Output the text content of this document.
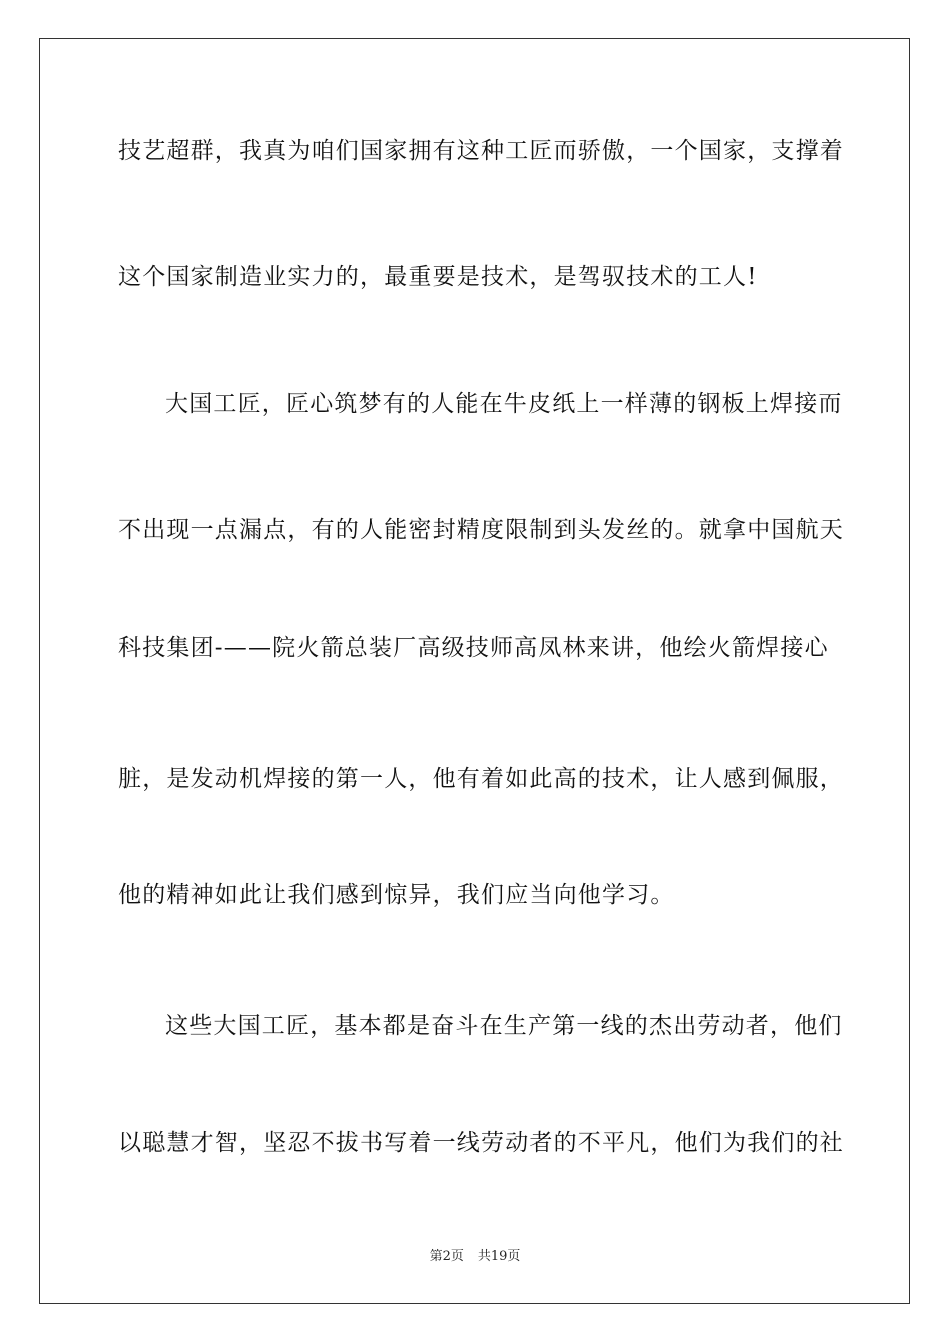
技艺超群，我真为咱们国家拥有这种工匠而骄傲，一个国家，支撑着
这个国家制造业实力的，最重要是技术，是驾驭技术的工人!
大国工匠，匠心筑梦有的人能在牛皮纸上一样薄的钢板上焊接而
不出现一点漏点，有的人能密封精度限制到头发丝的。就拿中国航天
科技集团-——院火箭总装厂高级技师高凤林来讲，他绘火箭焊接心
脏，是发动机焊接的第一人，他有着如此高的技术，让人感到佩服，
他的精神如此让我们感到惊异，我们应当向他学习。
这些大国工匠，基本都是奋斗在生产第一线的杰出劳动者，他们
以聪慧才智，坚忍不拔书写着一线劳动者的不平凡，他们为我们的社
第2页 共19页
